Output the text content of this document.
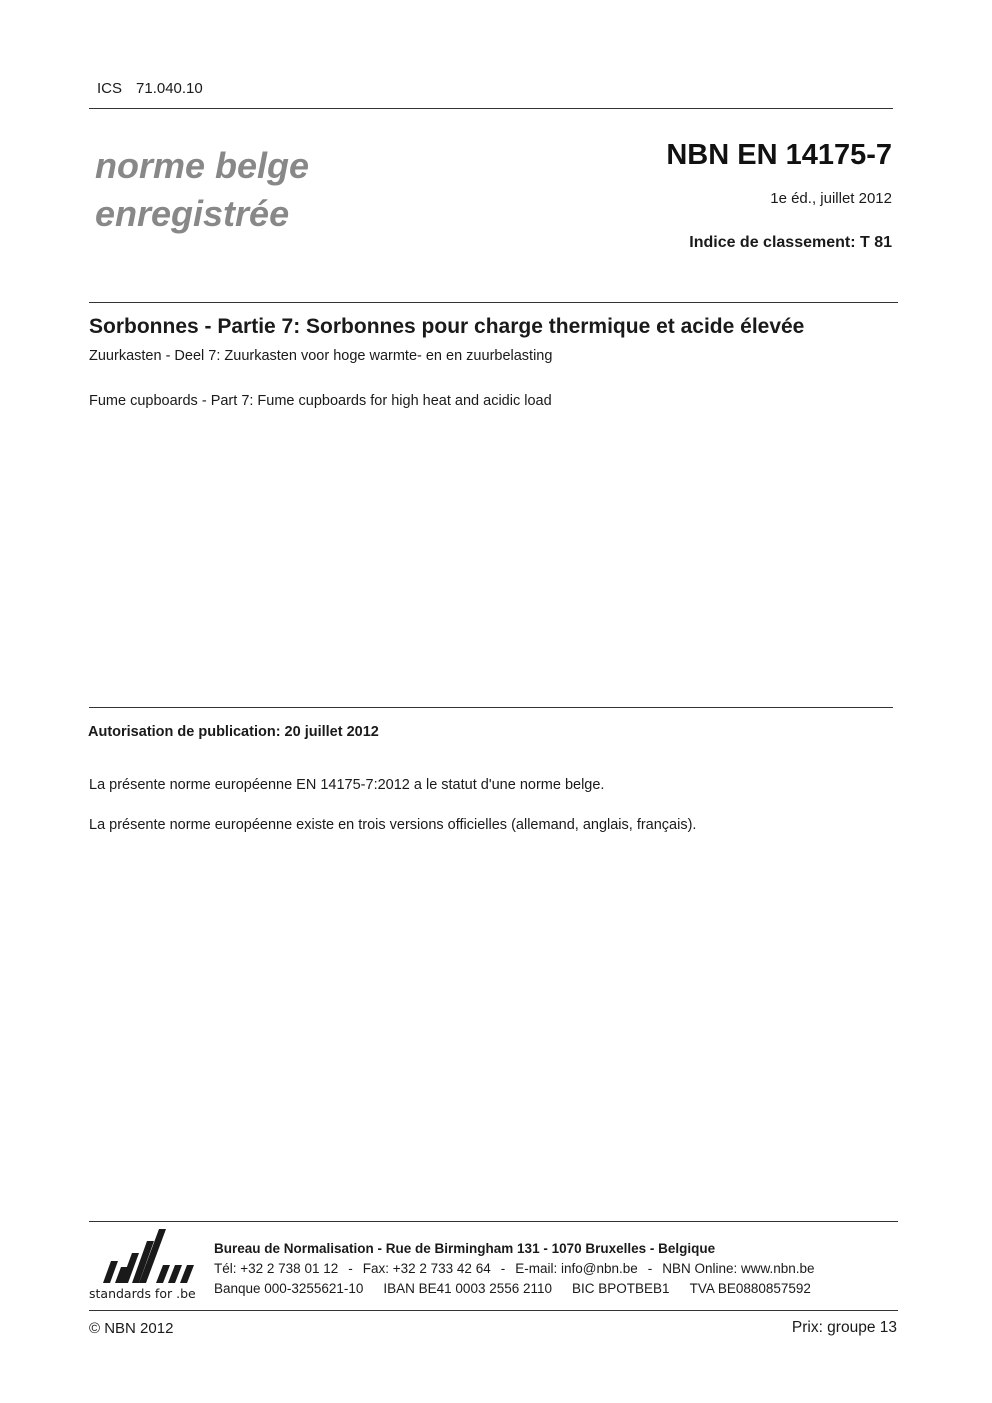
ICS 71.040.10
norme belge
enregistrée
NBN EN 14175-7
1e éd., juillet 2012
Indice de classement: T 81
Sorbonnes - Partie 7: Sorbonnes pour charge thermique et acide élevée
Zuurkasten - Deel 7: Zuurkasten voor hoge warmte- en en zuurbelasting
Fume cupboards - Part 7: Fume cupboards for high heat and acidic load
Autorisation de publication: 20 juillet 2012
La présente norme européenne EN 14175-7:2012 a le statut d'une norme belge.
La présente norme européenne existe en trois versions officielles (allemand, anglais, français).
standards for .be
Bureau de Normalisation - Rue de Birmingham 131 - 1070 Bruxelles - Belgique
Tél: +32 2 738 01 12 - Fax: +32 2 733 42 64 - E-mail: info@nbn.be - NBN Online: www.nbn.be
Banque 000-3255621-10 IBAN BE41 0003 2556 2110 BIC BPOTBEB1 TVA BE0880857592
© NBN 2012	Prix: groupe 13
